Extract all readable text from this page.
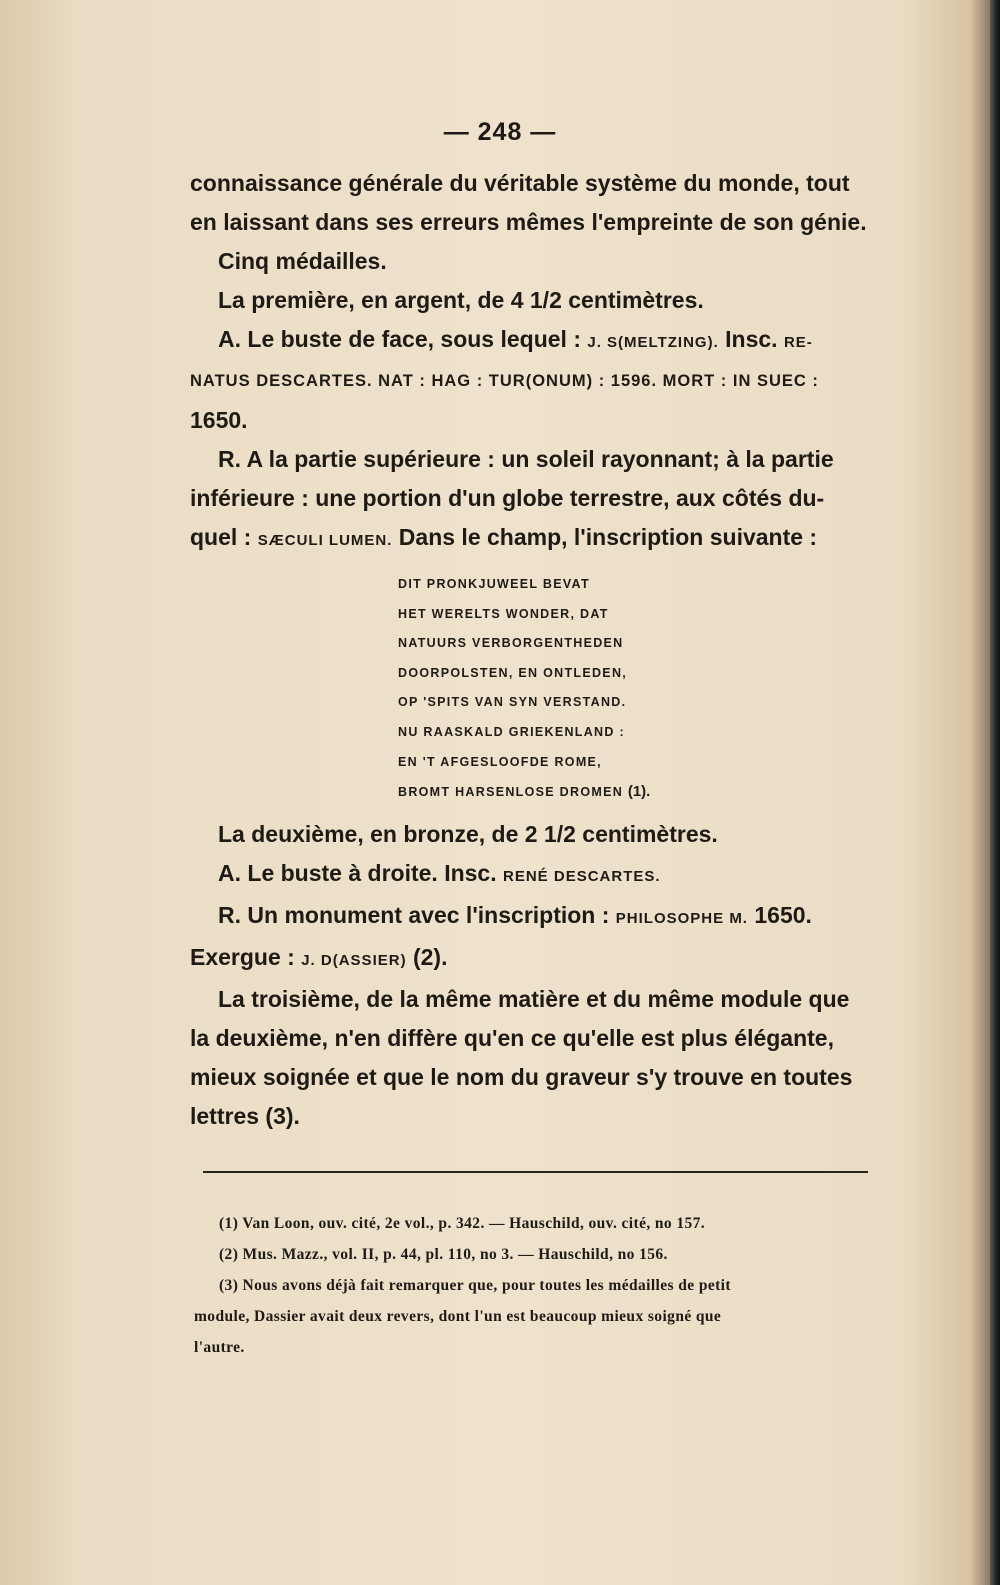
— 248 —

connaissance générale du véritable système du monde, tout

en laissant dans ses erreurs mêmes l'empreinte de son génie.

Cinq médailles.

La première, en argent, de 4 1/2 centimètres.

A. Le buste de face, sous lequel : J. S(MELTZING). Insc. RE-

NATUS DESCARTES. NAT : HAG : TUR(ONUM) : 1596. MORT : IN SUEC :

1650.

R. A la partie supérieure : un soleil rayonnant; à la partie

inférieure : une portion d'un globe terrestre, aux côtés du-

quel : SÆCULI LUMEN. Dans le champ, l'inscription suivante :

DIT PRONKJUWEEL BEVAT
HET WERELTS WONDER, DAT
NATUURS VERBORGENTHEDEN
DOORPOLSTEN, EN ONTLEDEN,
OP 'SPITS VAN SYN VERSTAND.
NU RAASKALD GRIEKENLAND :
EN 'T AFGESLOOFDE ROME,
BROMT HARSENLOSE DROMEN (1).

La deuxième, en bronze, de 2 1/2 centimètres.

A. Le buste à droite. Insc. RENÉ DESCARTES.

R. Un monument avec l'inscription : PHILOSOPHE M. 1650.

Exergue : J. D(ASSIER) (2).

La troisième, de la même matière et du même module que

la deuxième, n'en diffère qu'en ce qu'elle est plus élégante,

mieux soignée et que le nom du graveur s'y trouve en toutes

lettres (3).

(1) Van Loon, ouv. cité, 2e vol., p. 342. — Hauschild, ouv. cité, no 157.

(2) Mus. Mazz., vol. II, p. 44, pl. 110, no 3. — Hauschild, no 156.

(3) Nous avons déjà fait remarquer que, pour toutes les médailles de petit

module, Dassier avait deux revers, dont l'un est beaucoup mieux soigné que

l'autre.
